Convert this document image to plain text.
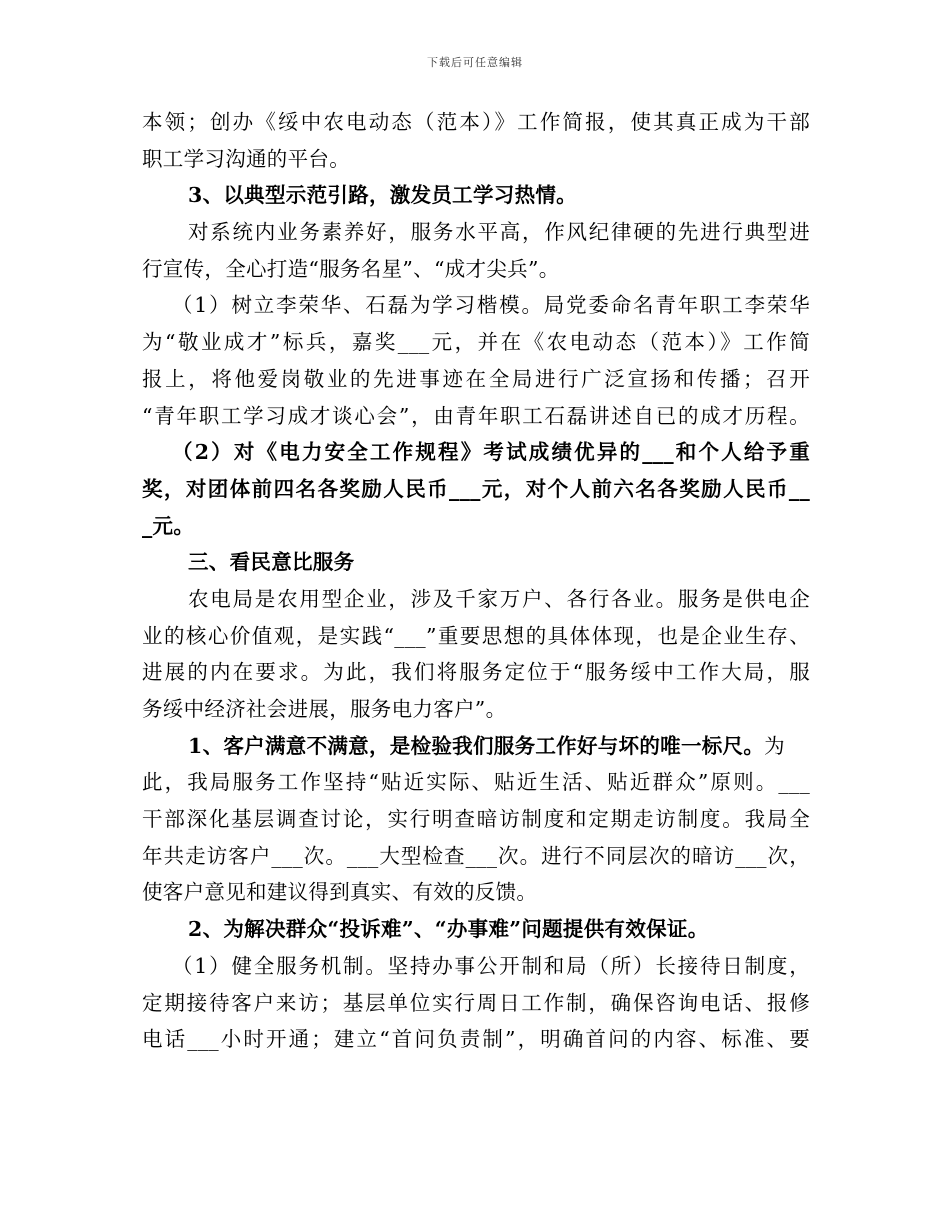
下载后可任意编辑
本领；创办《绥中农电动态（范本）》工作简报，使其真正成为干部
职工学习沟通的平台。
3、以典型示范引路，激发员工学习热情。
对系统内业务素养好，服务水平高，作风纪律硬的先进行典型进
行宣传，全心打造“服务名星”、“成才尖兵”。
（1）树立李荣华、石磊为学习楷模。局党委命名青年职工李荣华
为“敬业成才”标兵，嘉奖___元，并在《农电动态（范本）》工作简
报上，将他爱岗敬业的先进事迹在全局进行广泛宣扬和传播；召开
“青年职工学习成才谈心会”，由青年职工石磊讲述自已的成才历程。
（2）对《电力安全工作规程》考试成绩优异的___和个人给予重
奖，对团体前四名各奖励人民币___元，对个人前六名各奖励人民币__
_元。
三、看民意比服务
农电局是农用型企业，涉及千家万户、各行各业。服务是供电企
业的核心价值观，是实践“___”重要思想的具体体现，也是企业生存、
进展的内在要求。为此，我们将服务定位于“服务绥中工作大局，服
务绥中经济社会进展，服务电力客户”。
1、客户满意不满意，是检验我们服务工作好与坏的唯一标尺。为
此，我局服务工作坚持“贴近实际、贴近生活、贴近群众”原则。___
干部深化基层调查讨论，实行明查暗访制度和定期走访制度。我局全
年共走访客户___次。___大型检查___次。进行不同层次的暗访___次，
使客户意见和建议得到真实、有效的反馈。
2、为解决群众“投诉难”、“办事难”问题提供有效保证。
（1）健全服务机制。坚持办事公开制和局（所）长接待日制度，
定期接待客户来访；基层单位实行周日工作制，确保咨询电话、报修
电话___小时开通；建立“首问负责制”，明确首问的内容、标准、要
